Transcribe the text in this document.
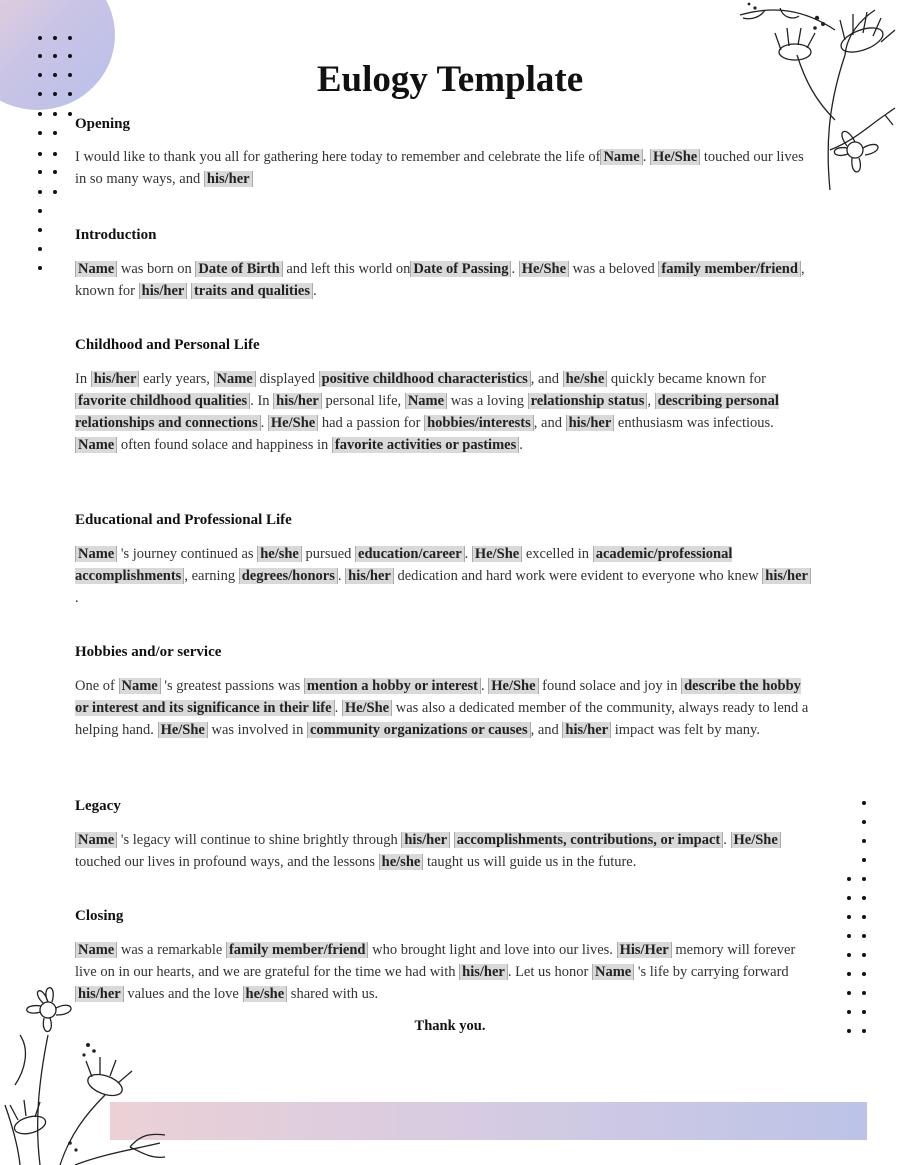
Eulogy Template
Opening

I would like to thank you all for gathering here today to remember and celebrate the life of Name . He/She touched our lives in so many ways, and his/her

Introduction

Name was born on Date of Birth and left this world on Date of Passing . He/She was a beloved family member/friend , known for his/her traits and qualities .

Childhood and Personal Life

In his/her early years, Name displayed positive childhood characteristics , and he/she quickly became known for favorite childhood qualities . In his/her personal life, Name was a loving relationship status , describing personal relationships and connections . He/She had a passion for hobbies/interests , and his/her enthusiasm was infectious. Name often found solace and happiness in favorite activities or pastimes .

Educational and Professional Life

Name 's journey continued as he/she pursued education/career . He/She excelled in academic/professional accomplishments , earning degrees/honors . his/her dedication and hard work were evident to everyone who knew his/her .

Hobbies and/or service

One of Name 's greatest passions was mention a hobby or interest . He/She found solace and joy in describe the hobby or interest and its significance in their life . He/She was also a dedicated member of the community, always ready to lend a helping hand. He/She was involved in community organizations or causes , and his/her impact was felt by many.

Legacy

Name 's legacy will continue to shine brightly through his/her accomplishments, contributions, or impact . He/She touched our lives in profound ways, and the lessons he/she taught us will guide us in the future.

Closing

Name was a remarkable family member/friend who brought light and love into our lives. His/Her memory will forever live on in our hearts, and we are grateful for the time we had with his/her . Let us honor Name 's life by carrying forward his/her values and the love he/she shared with us.

Thank you.
